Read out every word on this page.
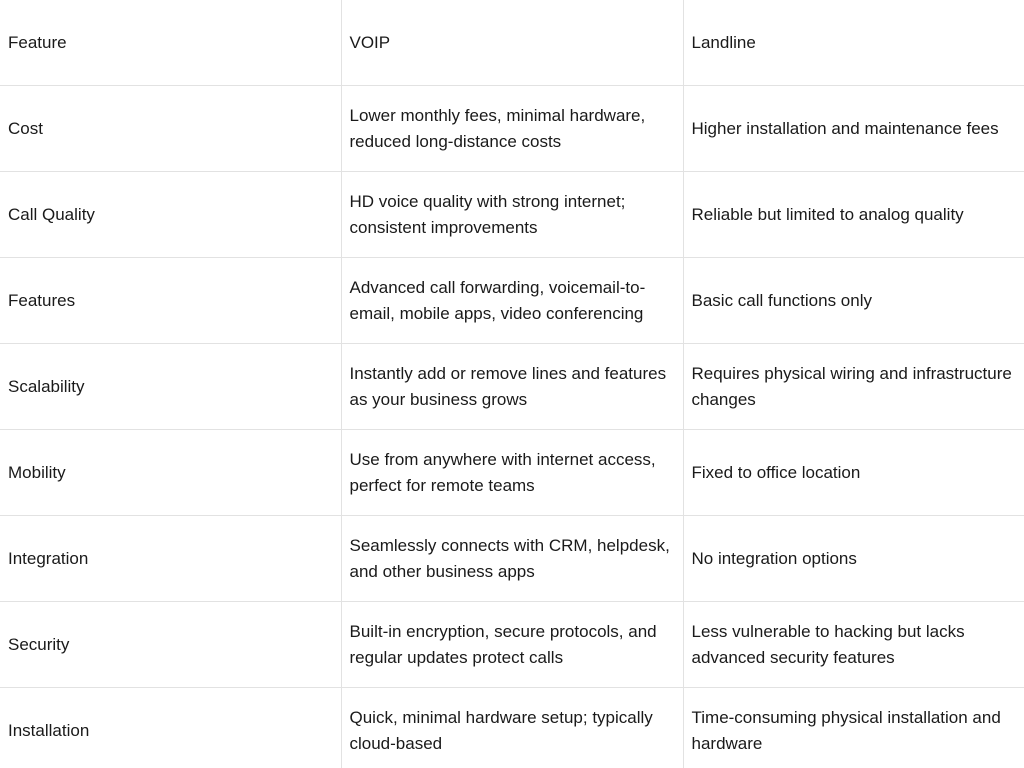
Feature	VOIP	Landline
Cost	Lower monthly fees, minimal hardware, reduced long-distance costs	Higher installation and maintenance fees
Call Quality	HD voice quality with strong internet; consistent improvements	Reliable but limited to analog quality
Features	Advanced call forwarding, voicemail-to-email, mobile apps, video conferencing	Basic call functions only
Scalability	Instantly add or remove lines and features as your business grows	Requires physical wiring and infrastructure changes
Mobility	Use from anywhere with internet access, perfect for remote teams	Fixed to office location
Integration	Seamlessly connects with CRM, helpdesk, and other business apps	No integration options
Security	Built-in encryption, secure protocols, and regular updates protect calls	Less vulnerable to hacking but lacks advanced security features
Installation	Quick, minimal hardware setup; typically cloud-based	Time-consuming physical installation and hardware
